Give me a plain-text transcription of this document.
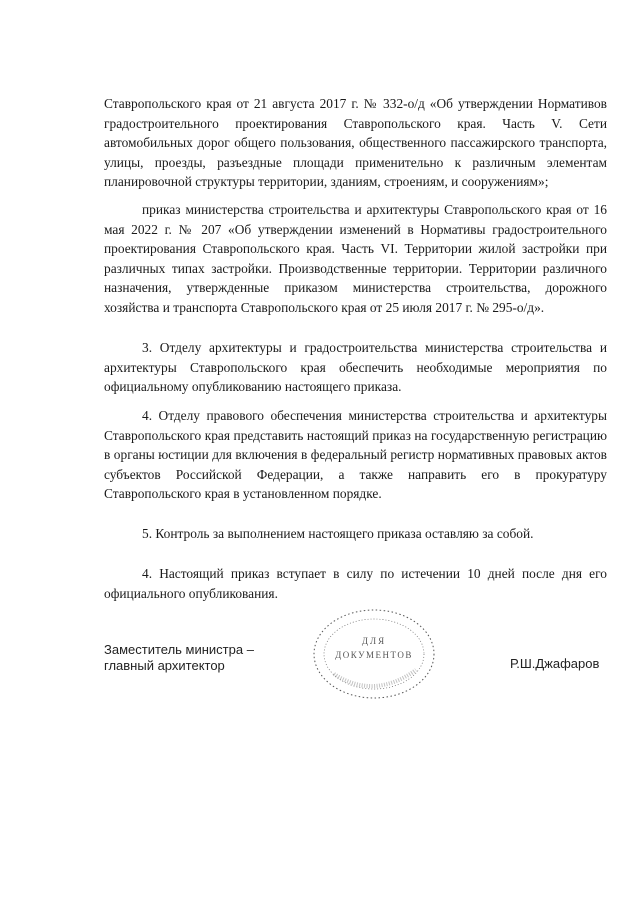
Ставропольского края от 21 августа 2017 г. № 332-о/д «Об утверждении Нормативов градостроительного проектирования Ставропольского края. Часть V. Сети автомобильных дорог общего пользования, общественного пассажирского транспорта, улицы, проезды, разъездные площади применительно к различным элементам планировочной структуры территории, зданиям, строениям, и сооружениям»;

приказ министерства строительства и архитектуры Ставропольского края от 16 мая 2022 г. № 207 «Об утверждении изменений в Нормативы градостроительного проектирования Ставропольского края. Часть VI. Территории жилой застройки при различных типах застройки. Производственные территории. Территории различного назначения, утвержденные приказом министерства строительства, дорожного хозяйства и транспорта Ставропольского края от 25 июля 2017 г. № 295-о/д».

3. Отделу архитектуры и градостроительства министерства строительства и архитектуры Ставропольского края обеспечить необходимые мероприятия по официальному опубликованию настоящего приказа.

4. Отделу правового обеспечения министерства строительства и архитектуры Ставропольского края представить настоящий приказ на государственную регистрацию в органы юстиции для включения в федеральный регистр нормативных правовых актов субъектов Российской Федерации, а также направить его в прокуратуру Ставропольского края в установленном порядке.

5. Контроль за выполнением настоящего приказа оставляю за собой.

4. Настоящий приказ вступает в силу по истечении 10 дней после дня его официального опубликования.

Заместитель министра –
главный архитектор
ДЛЯ
ДОКУМЕНТОВ
Р.Ш.Джафаров
